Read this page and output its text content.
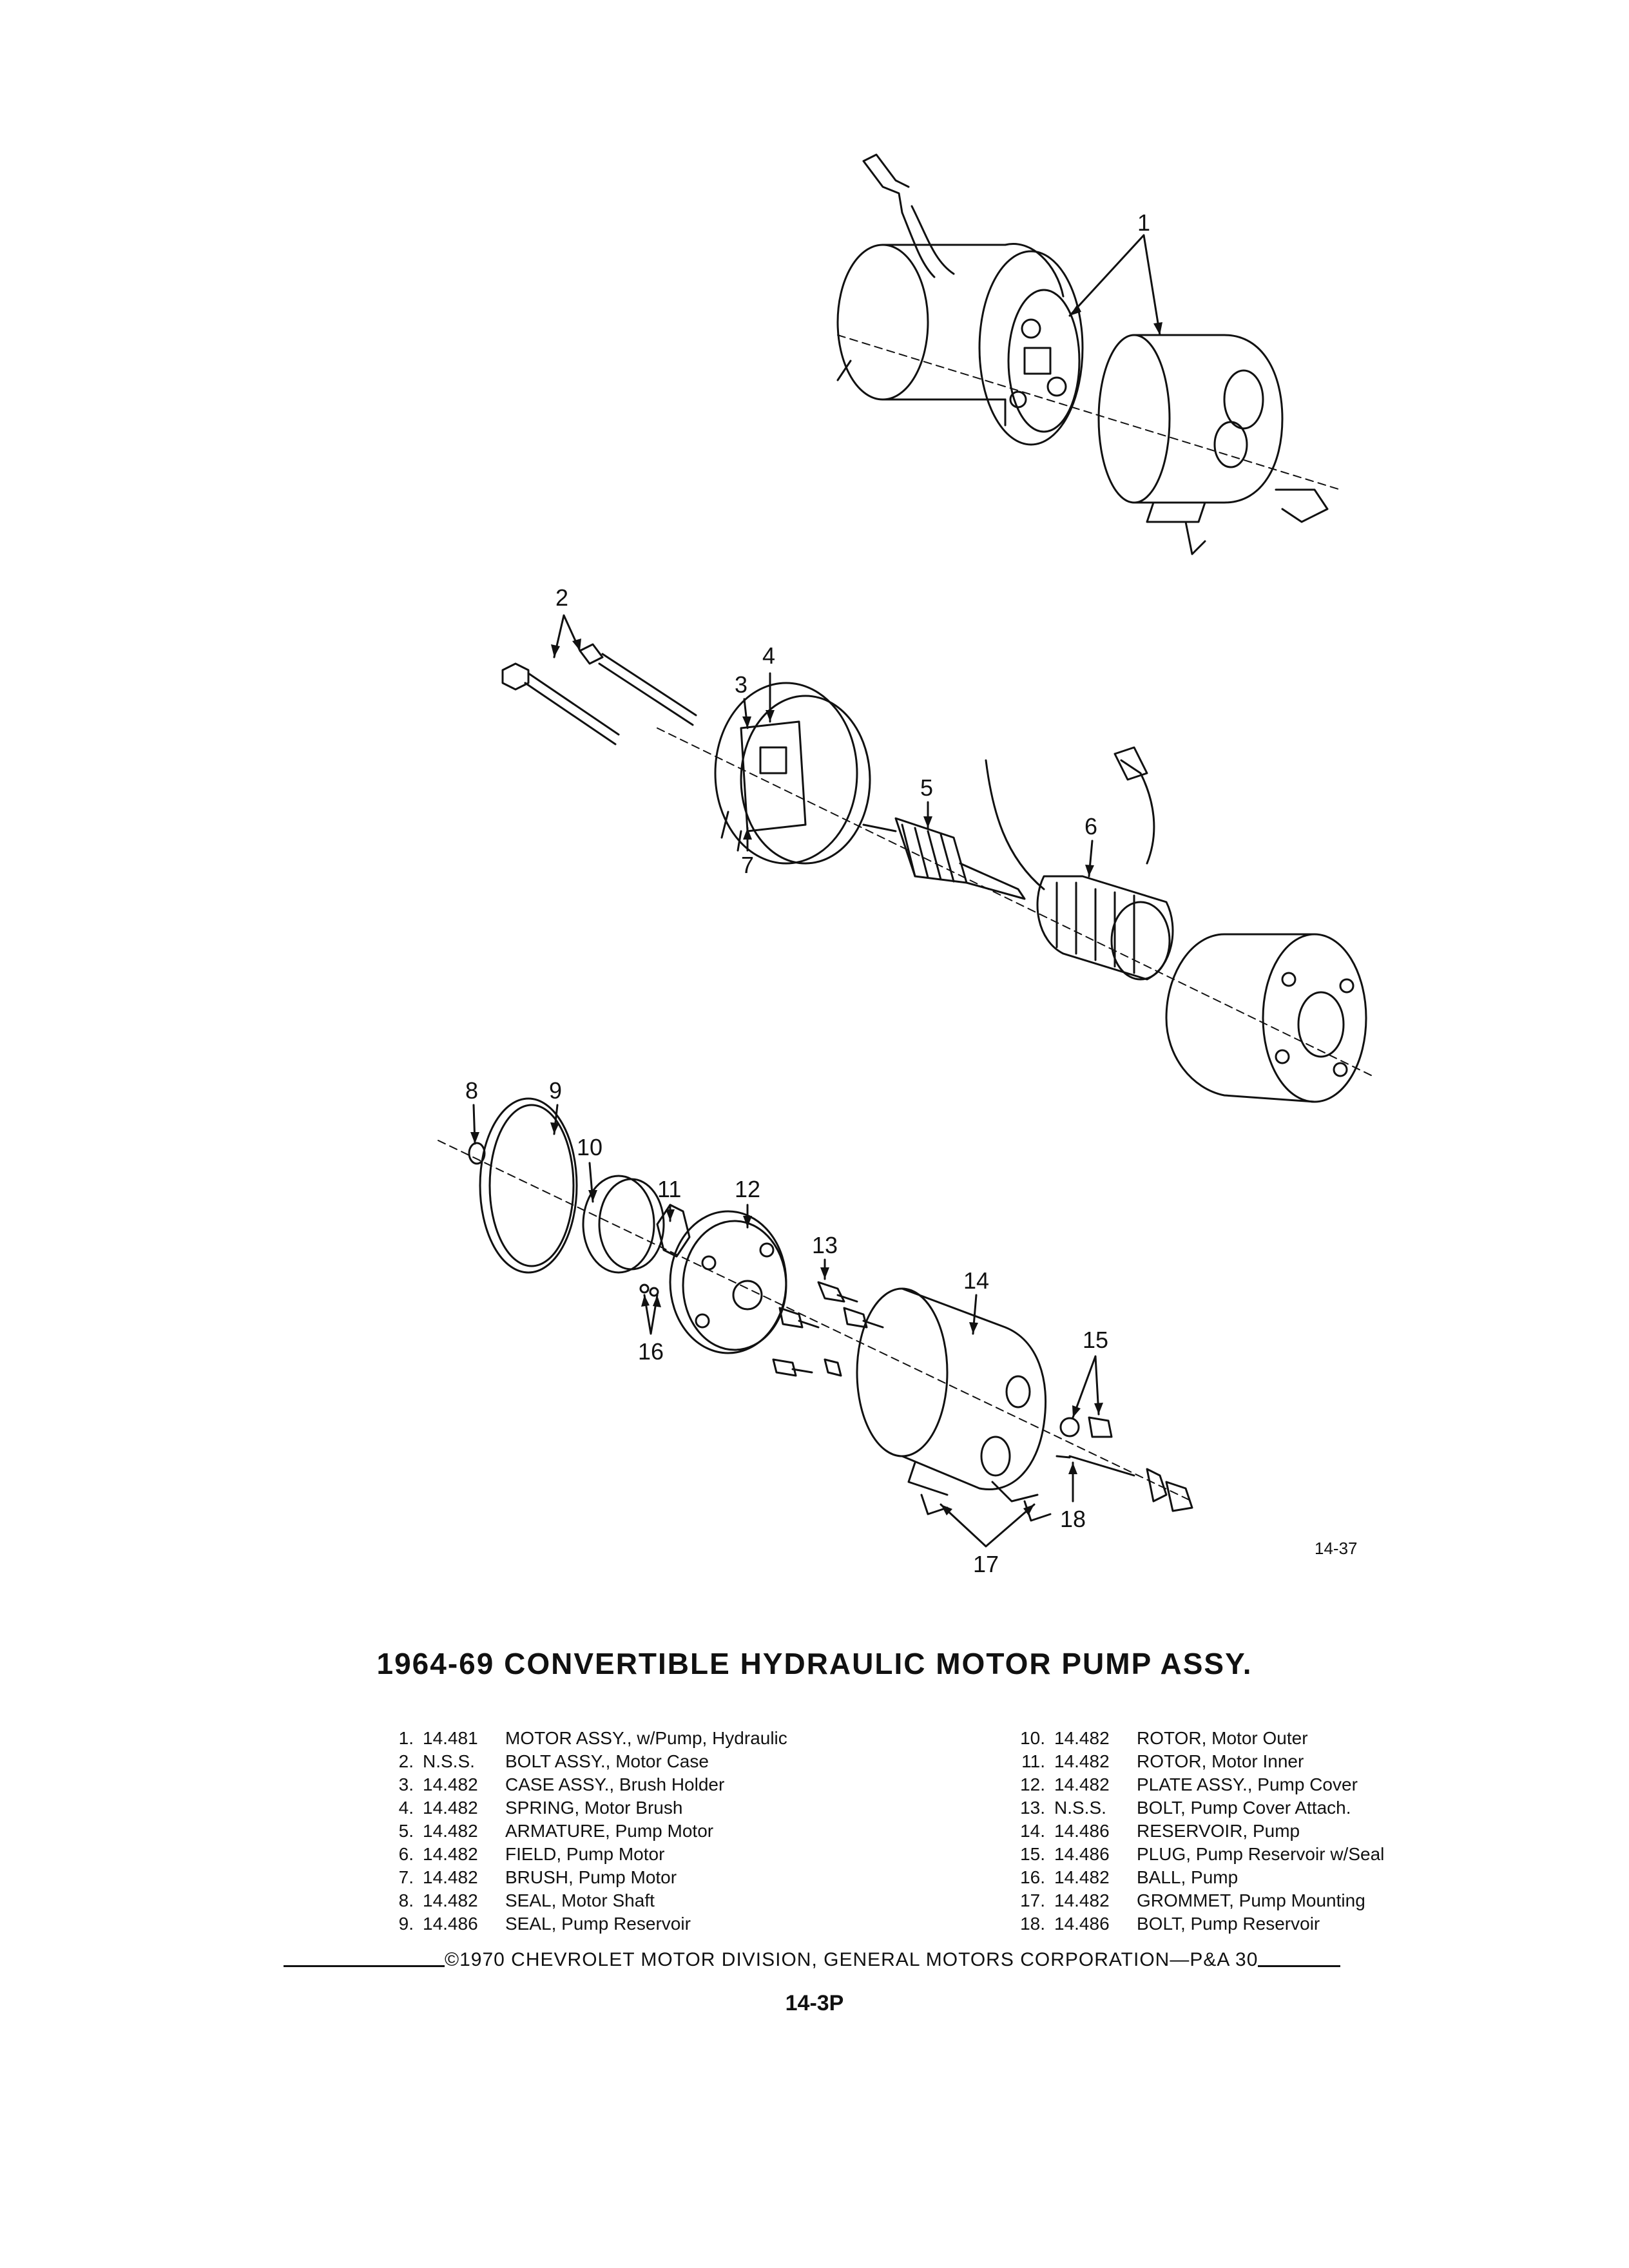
1
2
3
4
5
6
7
8	9
10
11 12
13
14
15
16
17
18
14-37
1964-69 CONVERTIBLE HYDRAULIC MOTOR PUMP ASSY.
1. 14.481 MOTOR ASSY., w/Pump, Hydraulic
2. N.S.S. BOLT ASSY., Motor Case
3. 14.482 CASE ASSY., Brush Holder
4. 14.482 SPRING, Motor Brush
5. 14.482 ARMATURE, Pump Motor
6. 14.482 FIELD, Pump Motor
7. 14.482 BRUSH, Pump Motor
8. 14.482 SEAL, Motor Shaft
9. 14.486 SEAL, Pump Reservoir
10. 14.482 ROTOR, Motor Outer
11. 14.482 ROTOR, Motor Inner
12. 14.482 PLATE ASSY., Pump Cover
13. N.S.S. BOLT, Pump Cover Attach.
14. 14.486 RESERVOIR, Pump
15. 14.486 PLUG, Pump Reservoir w/Seal
16. 14.482 BALL, Pump
17. 14.482 GROMMET, Pump Mounting
18. 14.486 BOLT, Pump Reservoir
©1970 CHEVROLET MOTOR DIVISION, GENERAL MOTORS CORPORATION—P&A 30
14-3P
